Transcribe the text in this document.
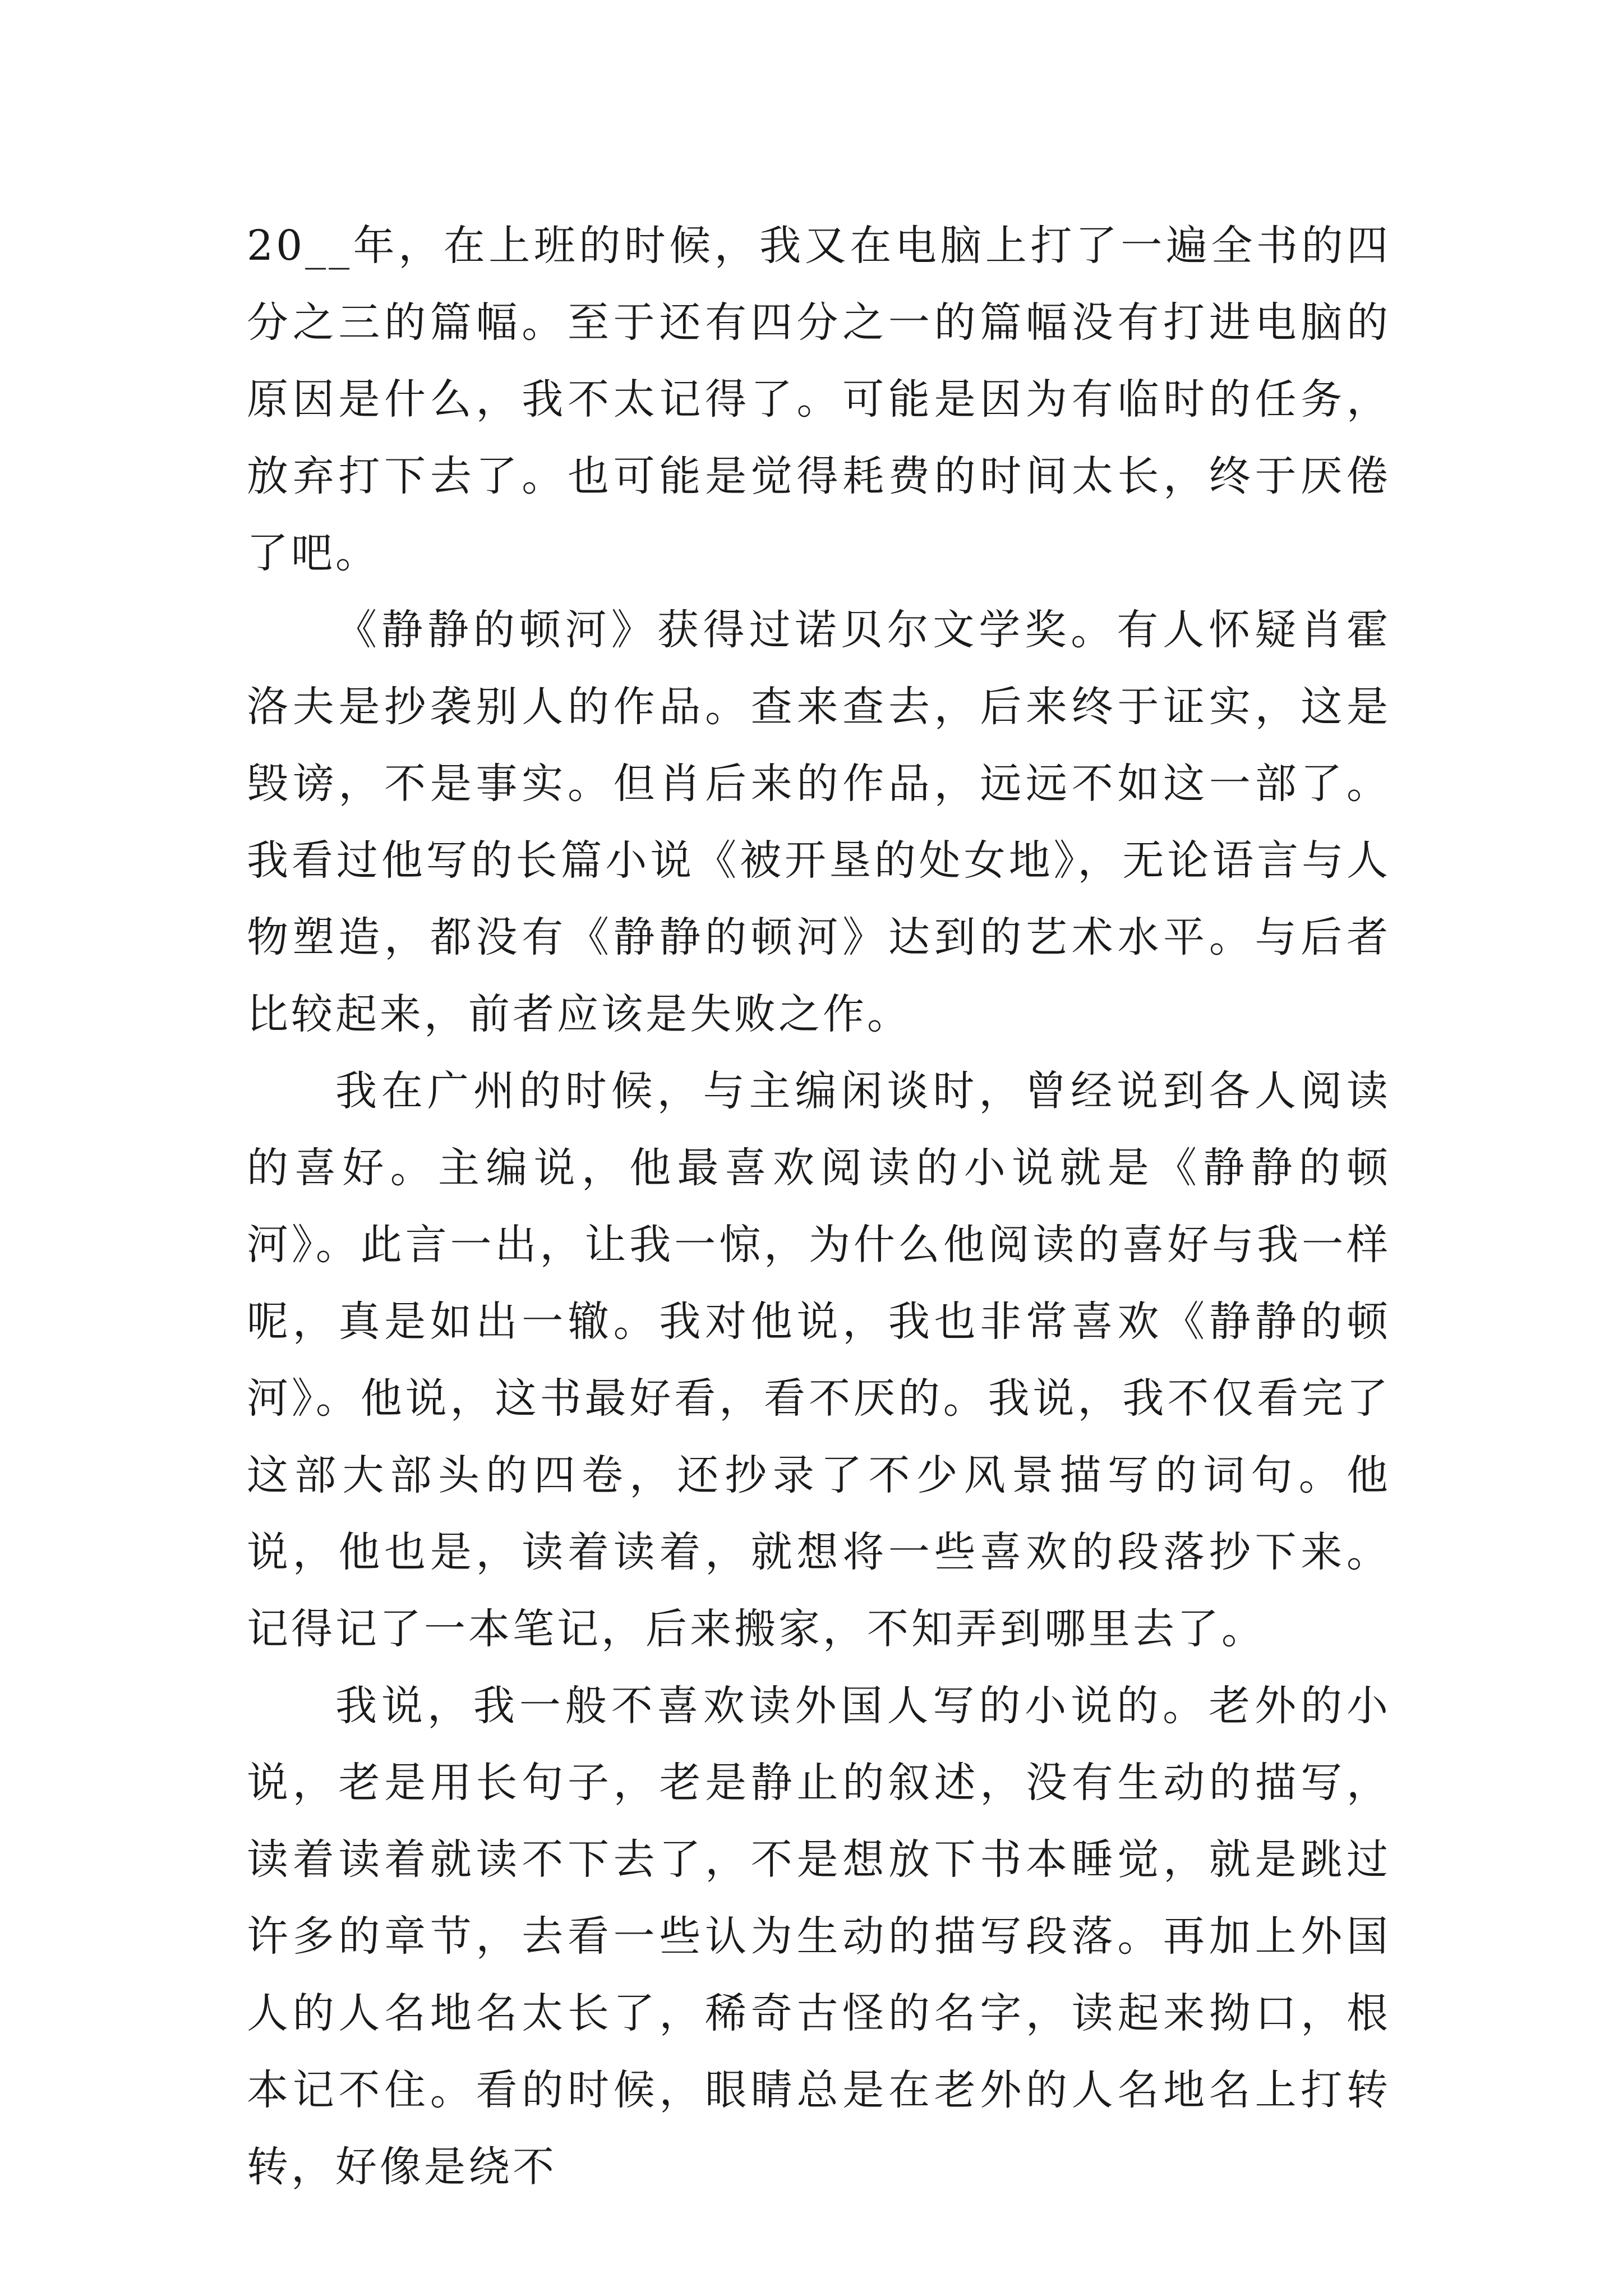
20__年，在上班的时候，我又在电脑上打了一遍全书的四分之三的篇幅。至于还有四分之一的篇幅没有打进电脑的原因是什么，我不太记得了。可能是因为有临时的任务，放弃打下去了。也可能是觉得耗费的时间太长，终于厌倦了吧。

《静静的顿河》获得过诺贝尔文学奖。有人怀疑肖霍洛夫是抄袭别人的作品。查来查去，后来终于证实，这是毁谤，不是事实。但肖后来的作品，远远不如这一部了。我看过他写的长篇小说《被开垦的处女地》，无论语言与人物塑造，都没有《静静的顿河》达到的艺术水平。与后者比较起来，前者应该是失败之作。

我在广州的时候，与主编闲谈时，曾经说到各人阅读的喜好。主编说，他最喜欢阅读的小说就是《静静的顿河》。此言一出，让我一惊，为什么他阅读的喜好与我一样呢，真是如出一辙。我对他说，我也非常喜欢《静静的顿河》。他说，这书最好看，看不厌的。我说，我不仅看完了这部大部头的四卷，还抄录了不少风景描写的词句。他说，他也是，读着读着，就想将一些喜欢的段落抄下来。记得记了一本笔记，后来搬家，不知弄到哪里去了。

我说，我一般不喜欢读外国人写的小说的。老外的小说，老是用长句子，老是静止的叙述，没有生动的描写，读着读着就读不下去了，不是想放下书本睡觉，就是跳过许多的章节，去看一些认为生动的描写段落。再加上外国人的人名地名太长了，稀奇古怪的名字，读起来拗口，根本记不住。看的时候，眼睛总是在老外的人名地名上打转转，好像是绕不
